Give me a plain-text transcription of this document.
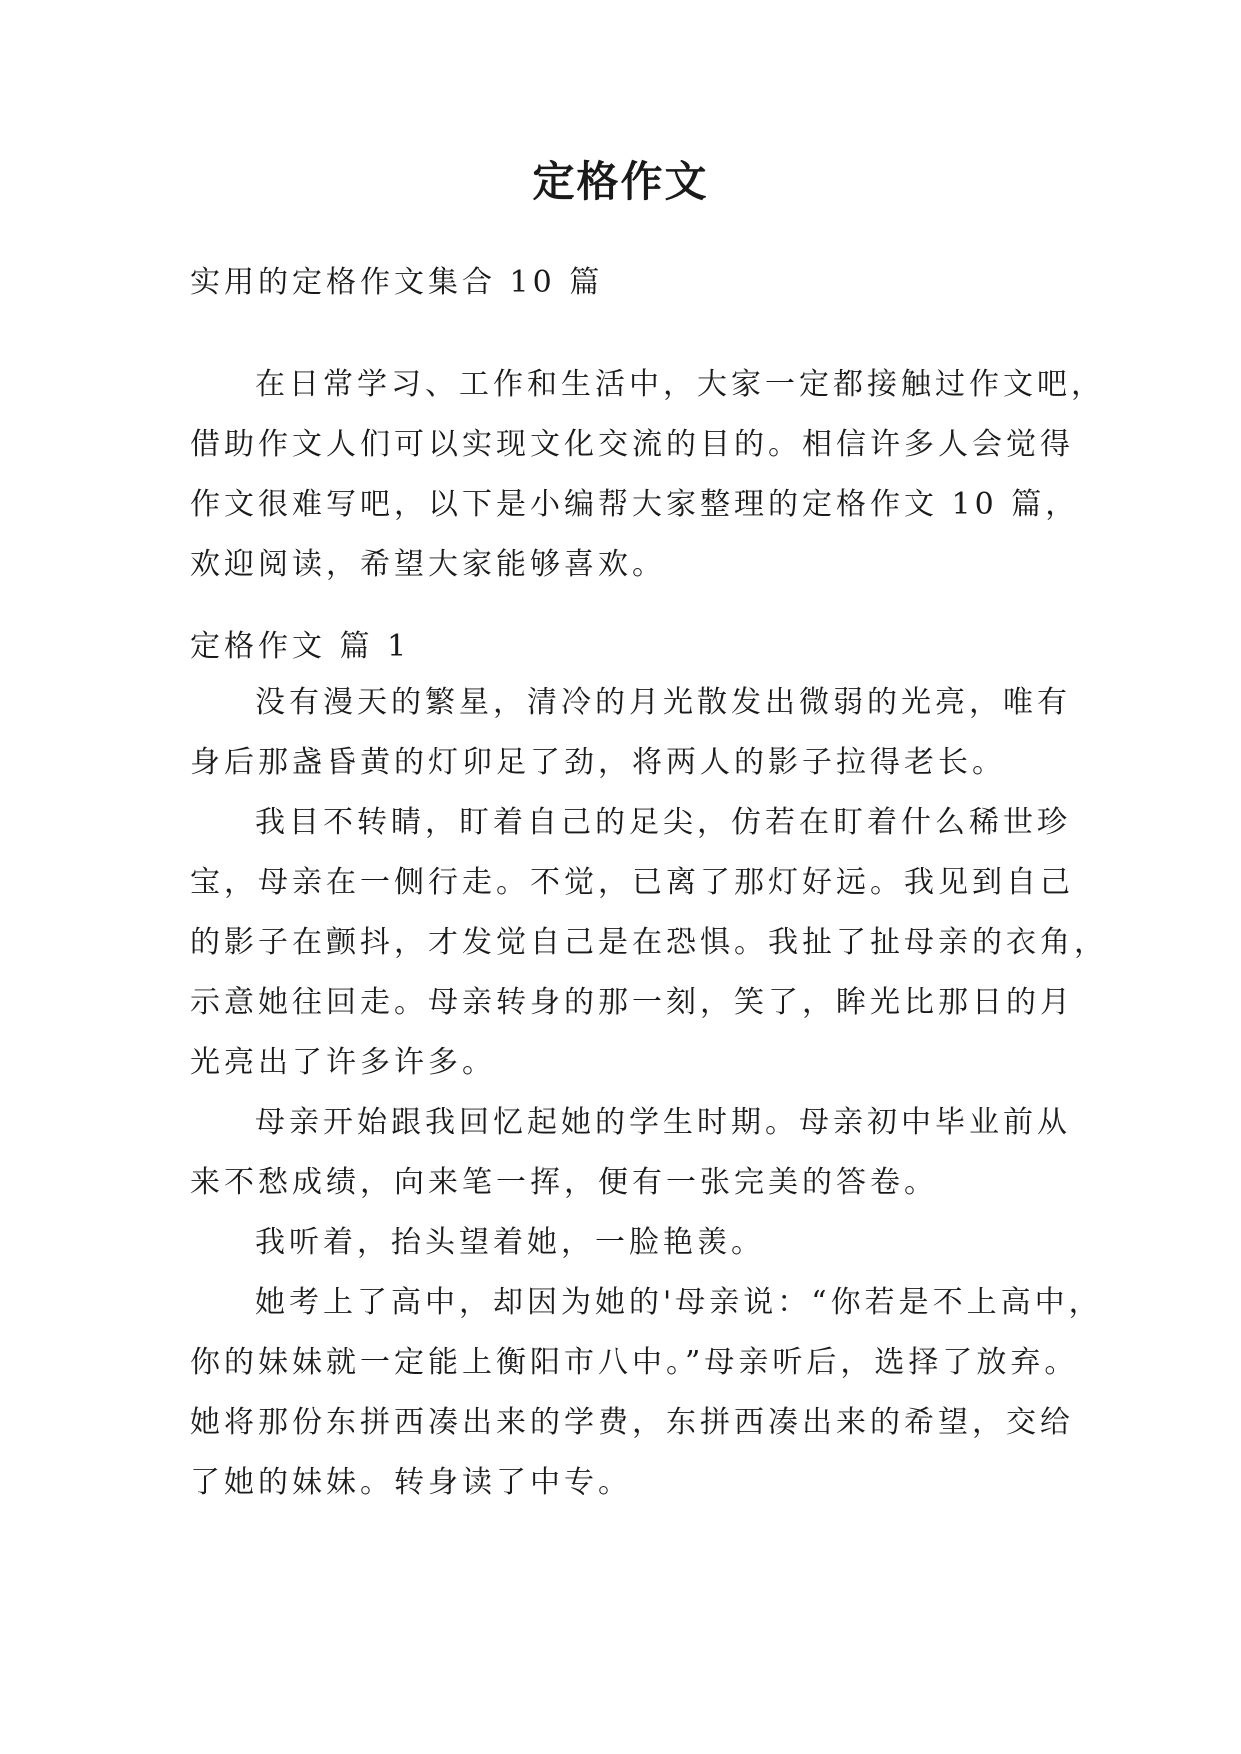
定格作文
实用的定格作文集合 10 篇
在日常学习、工作和生活中，大家一定都接触过作文吧，
借助作文人们可以实现文化交流的目的。相信许多人会觉得
作文很难写吧，以下是小编帮大家整理的定格作文 10 篇，
欢迎阅读，希望大家能够喜欢。
定格作文 篇 1
没有漫天的繁星，清冷的月光散发出微弱的光亮，唯有
身后那盏昏黄的灯卯足了劲，将两人的影子拉得老长。
我目不转睛，盯着自己的足尖，仿若在盯着什么稀世珍
宝，母亲在一侧行走。不觉，已离了那灯好远。我见到自己
的影子在颤抖，才发觉自己是在恐惧。我扯了扯母亲的衣角，
示意她往回走。母亲转身的那一刻，笑了，眸光比那日的月
光亮出了许多许多。
母亲开始跟我回忆起她的学生时期。母亲初中毕业前从
来不愁成绩，向来笔一挥，便有一张完美的答卷。
我听着，抬头望着她，一脸艳羡。
她考上了高中，却因为她的'母亲说：“你若是不上高中，
你的妹妹就一定能上衡阳市八中。”母亲听后，选择了放弃。
她将那份东拼西凑出来的学费，东拼西凑出来的希望，交给
了她的妹妹。转身读了中专。
